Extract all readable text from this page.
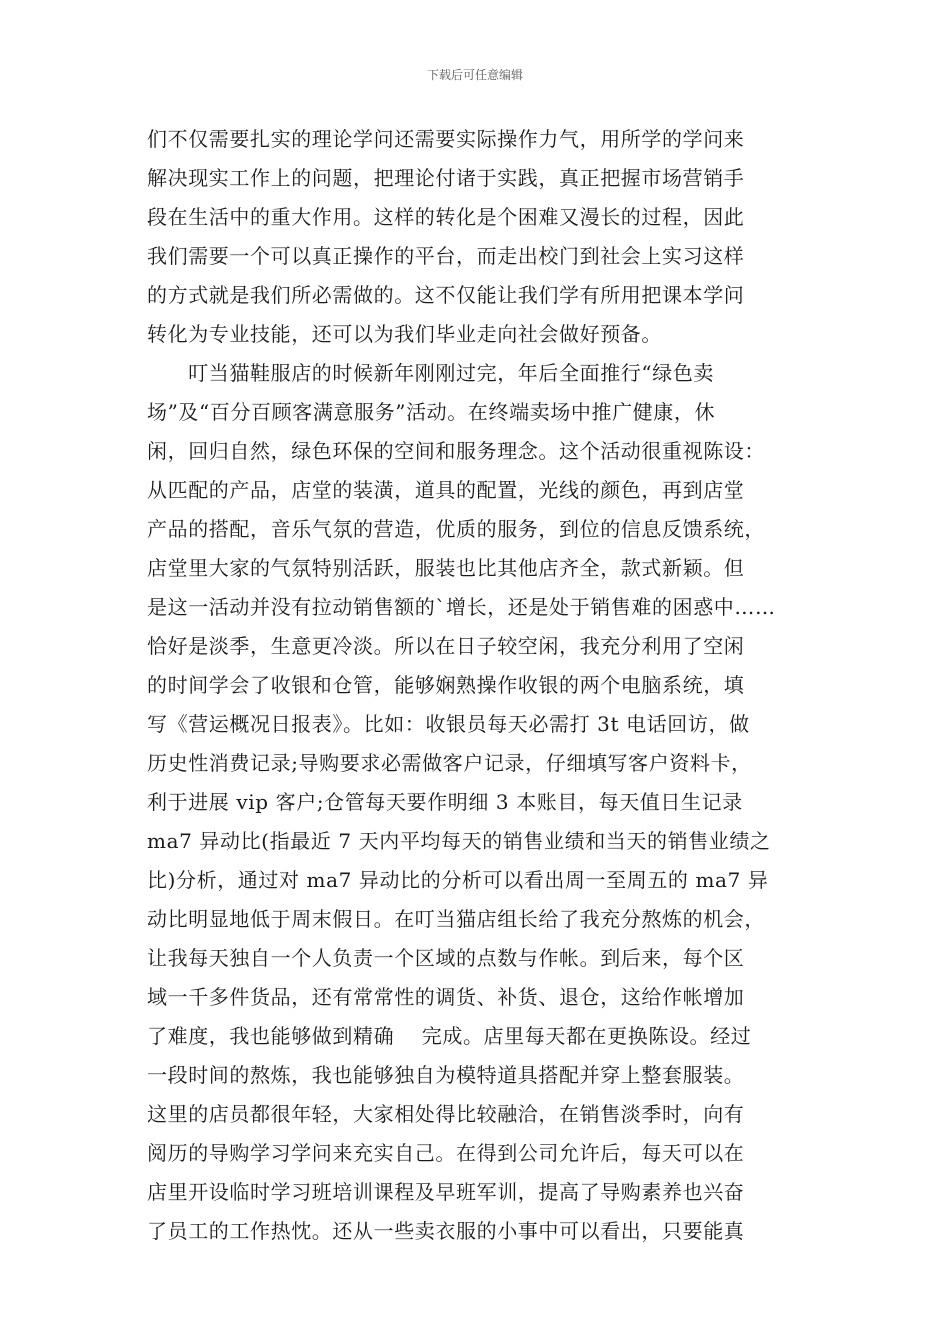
下载后可任意编辑
们不仅需要扎实的理论学问还需要实际操作力气，用所学的学问来
解决现实工作上的问题，把理论付诸于实践，真正把握市场营销手
段在生活中的重大作用。这样的转化是个困难又漫长的过程，因此
我们需要一个可以真正操作的平台，而走出校门到社会上实习这样
的方式就是我们所必需做的。这不仅能让我们学有所用把课本学问
转化为专业技能，还可以为我们毕业走向社会做好预备。
　　叮当猫鞋服店的时候新年刚刚过完，年后全面推行“绿色卖
场”及“百分百顾客满意服务”活动。在终端卖场中推广健康，休
闲，回归自然，绿色环保的空间和服务理念。这个活动很重视陈设：
从匹配的产品，店堂的装潢，道具的配置，光线的颜色，再到店堂
产品的搭配，音乐气氛的营造，优质的服务，到位的信息反馈系统，
店堂里大家的气氛特别活跃，服装也比其他店齐全，款式新颖。但
是这一活动并没有拉动销售额的`增长，还是处于销售难的困惑中……
恰好是淡季，生意更冷淡。所以在日子较空闲，我充分利用了空闲
的时间学会了收银和仓管，能够娴熟操作收银的两个电脑系统，填
写《营运概况日报表》。比如：收银员每天必需打 3t 电话回访，做
历史性消费记录;导购要求必需做客户记录，仔细填写客户资料卡，
利于进展 vip 客户;仓管每天要作明细 3 本账目，每天值日生记录
ma7 异动比(指最近 7 天内平均每天的销售业绩和当天的销售业绩之
比)分析，通过对 ma7 异动比的分析可以看出周一至周五的 ma7 异
动比明显地低于周末假日。在叮当猫店组长给了我充分熬炼的机会，
让我每天独自一个人负责一个区域的点数与作帐。到后来，每个区
域一千多件货品，还有常常性的调货、补货、退仓，这给作帐增加
了难度，我也能够做到精确　 完成。店里每天都在更换陈设。经过
一段时间的熬炼，我也能够独自为模特道具搭配并穿上整套服装。
这里的店员都很年轻，大家相处得比较融洽，在销售淡季时，向有
阅历的导购学习学问来充实自己。在得到公司允许后，每天可以在
店里开设临时学习班培训课程及早班军训，提高了导购素养也兴奋
了员工的工作热忱。还从一些卖衣服的小事中可以看出，只要能真
